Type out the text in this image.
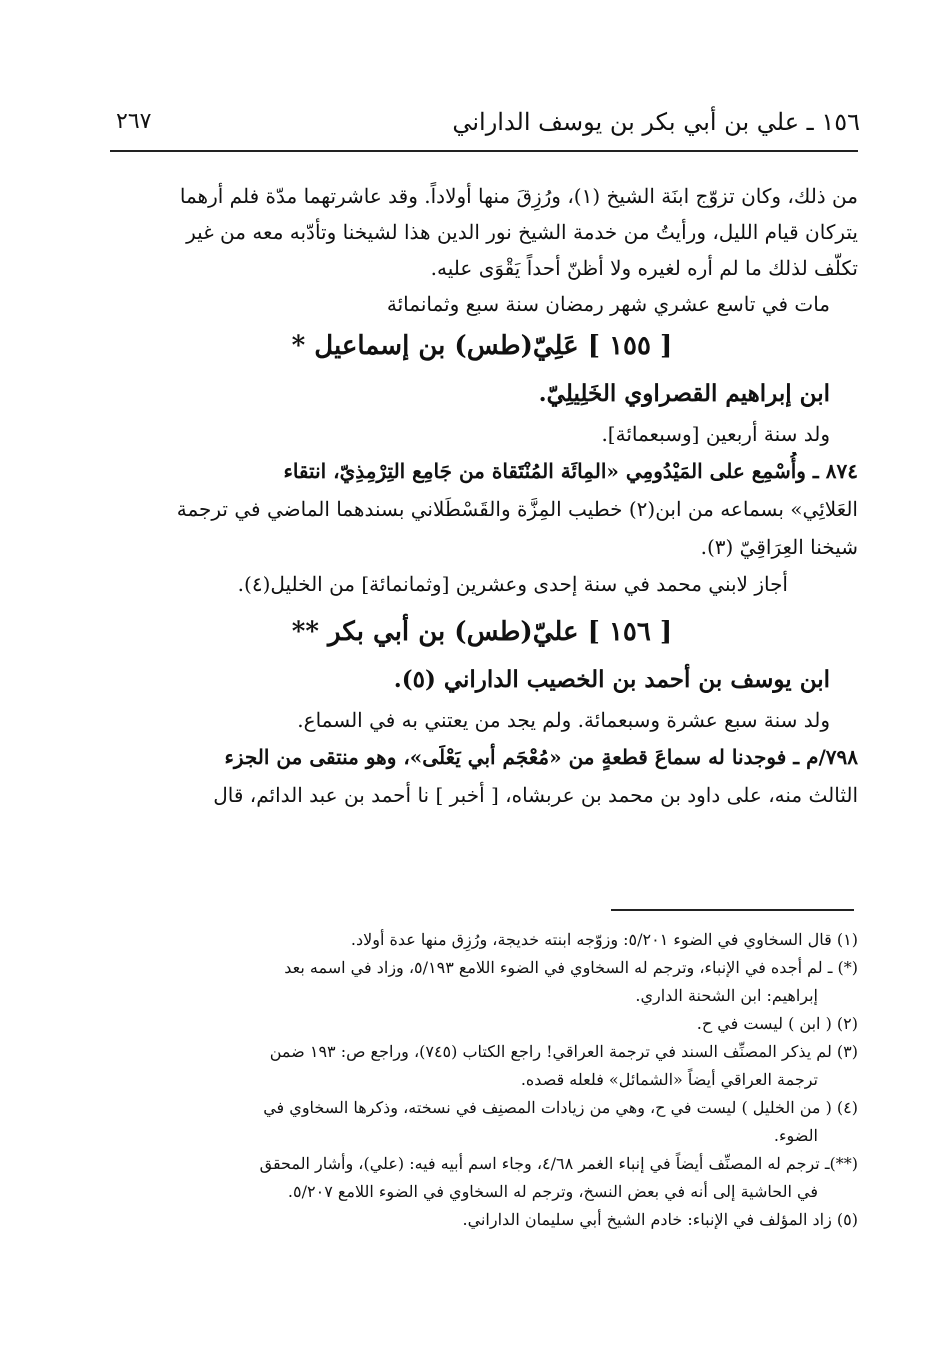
١٥٦ ـ علي بن أبي بكر بن يوسف الداراني
٢٦٧
من ذلك، وكان تزوّج ابنَة الشيخ (١)، ورُزِقَ منها أولاداً. وقد عاشرتهما مدّة فلم أرهما
يتركان قيام الليل، ورأيتُ من خدمة الشيخ نور الدين هذا لشيخنا وتأدّبه معه من غير
تكلّف لذلك ما لم أره لغيره ولا أظنّ أحداً يَقْوَى عليه.
مات في تاسع عشري شهر رمضان سنة سبع وثمانمائة
[ ١٥٥ ] عَلِيّ(طس) بن إسماعيل *
ابن إبراهيم القصراوي الخَلِيلِيّ.
ولد سنة أربعين [وسبعمائة].
٨٧٤ ـ وأُسْمِع على المَيْدُومِي «المِائَة المُنْتَقاة من جَامِع التِرْمِذِيّ، انتقاء
العَلائِي» بسماعه من ابن(٢) خطيب المِزَّة والقَسْطَلاني بسندهما الماضي في ترجمة
شيخنا العِرَاقِيّ (٣).
أجاز لابني محمد في سنة إحدى وعشرين [وثمانمائة] من الخليل(٤).
[ ١٥٦ ] عليّ(طس) بن أبي بكر **
ابن يوسف بن أحمد بن الخصيب الداراني (٥).
ولد سنة سبع عشرة وسبعمائة. ولم يجد من يعتني به في السماع.
٧٩٨/م ـ فوجدنا له سماعَ قطعةٍ من «مُعْجَم أبي يَعْلَى»، وهو منتقى من الجزء
الثالث منه، على داود بن محمد بن عربشاه، [ أخبر ] نا أحمد بن عبد الدائم، قال
(١) قال السخاوي في الضوء ٥/٢٠١: وزوّجه ابنته خديجة، ورُزِق منها عدة أولاد.
(*) ـ لم أجده في الإنباء، وترجم له السخاوي في الضوء اللامع ٥/١٩٣، وزاد في اسمه بعد
إبراهيم: ابن الشحنة الداري.
(٢) ( ابن ) ليست في ح.
(٣) لم يذكر المصنِّف السند في ترجمة العراقي! راجع الكتاب (٧٤٥)، وراجع ص: ١٩٣ ضمن
ترجمة العراقي أيضاً «الشمائل» فلعله قصده.
(٤) ( من الخليل ) ليست في ح، وهي من زيادات المصنِف في نسخته، وذكرها السخاوي في
الضوء.
(**)ـ ترجم له المصنِّف أيضاً في إنباء الغمر ٤/٦٨، وجاء اسم أبيه فيه: (علي)، وأشار المحقق
في الحاشية إلى أنه في بعض النسخ، وترجم له السخاوي في الضوء اللامع ٥/٢٠٧.
(٥) زاد المؤلف في الإنباء: خادم الشيخ أبي سليمان الداراني.
